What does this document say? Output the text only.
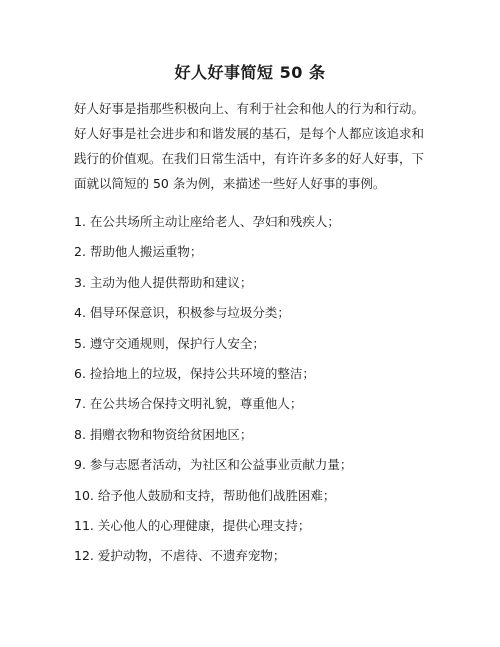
好人好事简短 50 条

好人好事是指那些积极向上、有利于社会和他人的行为和行动。好人好事是社会进步和和谐发展的基石，是每个人都应该追求和践行的价值观。在我们日常生活中，有许许多多的好人好事，下面就以简短的 50 条为例，来描述一些好人好事的事例。

1. 在公共场所主动让座给老人、孕妇和残疾人；
2. 帮助他人搬运重物；
3. 主动为他人提供帮助和建议；
4. 倡导环保意识，积极参与垃圾分类；
5. 遵守交通规则，保护行人安全；
6. 捡拾地上的垃圾，保持公共环境的整洁；
7. 在公共场合保持文明礼貌，尊重他人；
8. 捐赠衣物和物资给贫困地区；
9. 参与志愿者活动，为社区和公益事业贡献力量；
10. 给予他人鼓励和支持，帮助他们战胜困难；
11. 关心他人的心理健康，提供心理支持；
12. 爱护动物，不虐待、不遗弃宠物；
